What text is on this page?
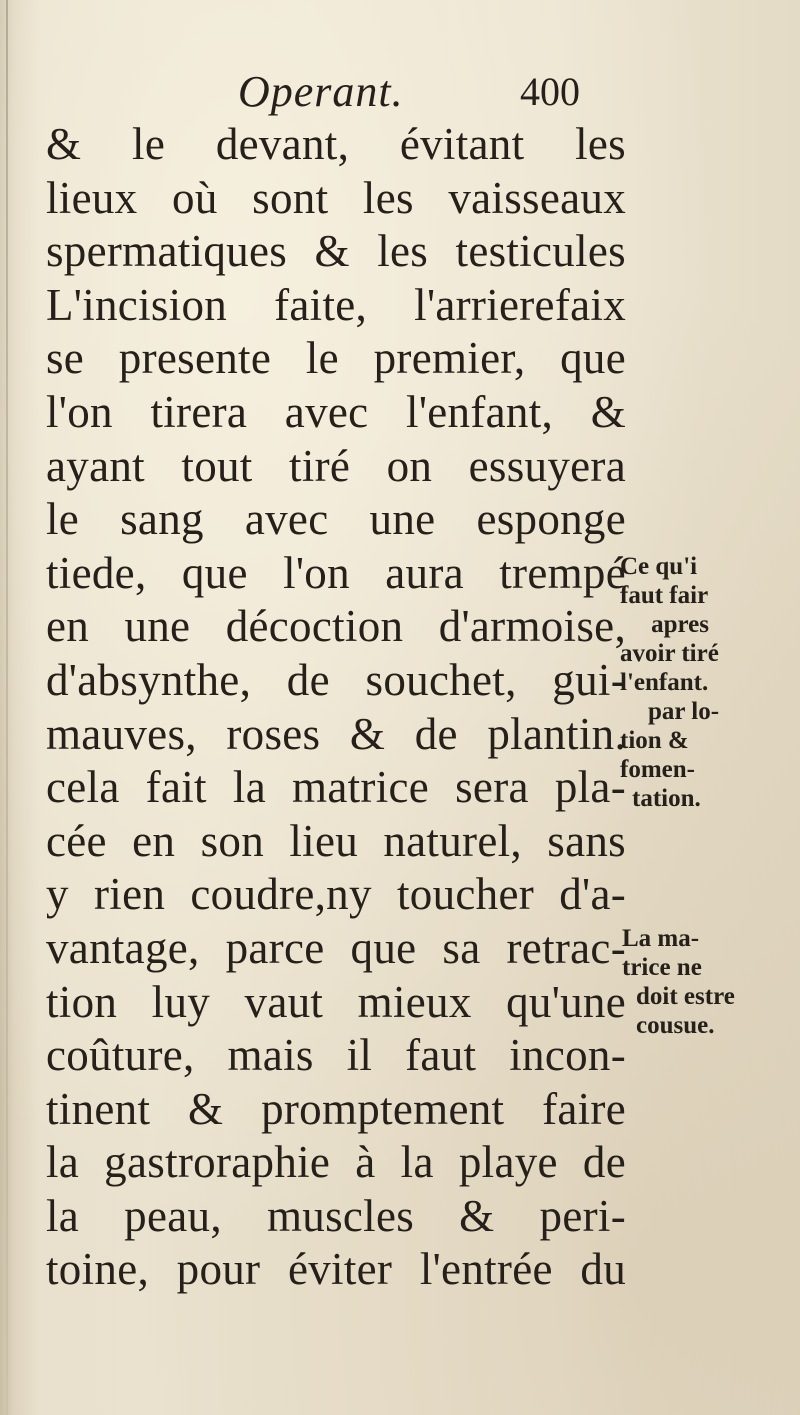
Operant.	400
& le devant, évitant les
lieux où sont les vaisseaux
spermatiques & les testicules
L'incision faite, l'arrierefaix
se presente le premier, que
l'on tirera avec l'enfant, &
ayant tout tiré on essuyera
le sang avec une esponge
tiede, que l'on aura trempé
en une décoction d'armoise,
d'absynthe, de souchet, gui-
mauves, roses & de plantin.
cela fait la matrice sera pla-
cée en son lieu naturel, sans
y rien coudre,ny toucher d'a-
vantage, parce que sa retrac-
tion luy vaut mieux qu'une
coûture, mais il faut incon-
tinent & promptement faire
la gastroraphie à la playe de
la peau, muscles & peri-
toine, pour éviter l'entrée du
Ce qu'i
faut fair
apres
avoir tiré
l'enfant.
par lo-
tion &
fomen-
tation.
La ma-
trice ne
doit estre
cousue.
